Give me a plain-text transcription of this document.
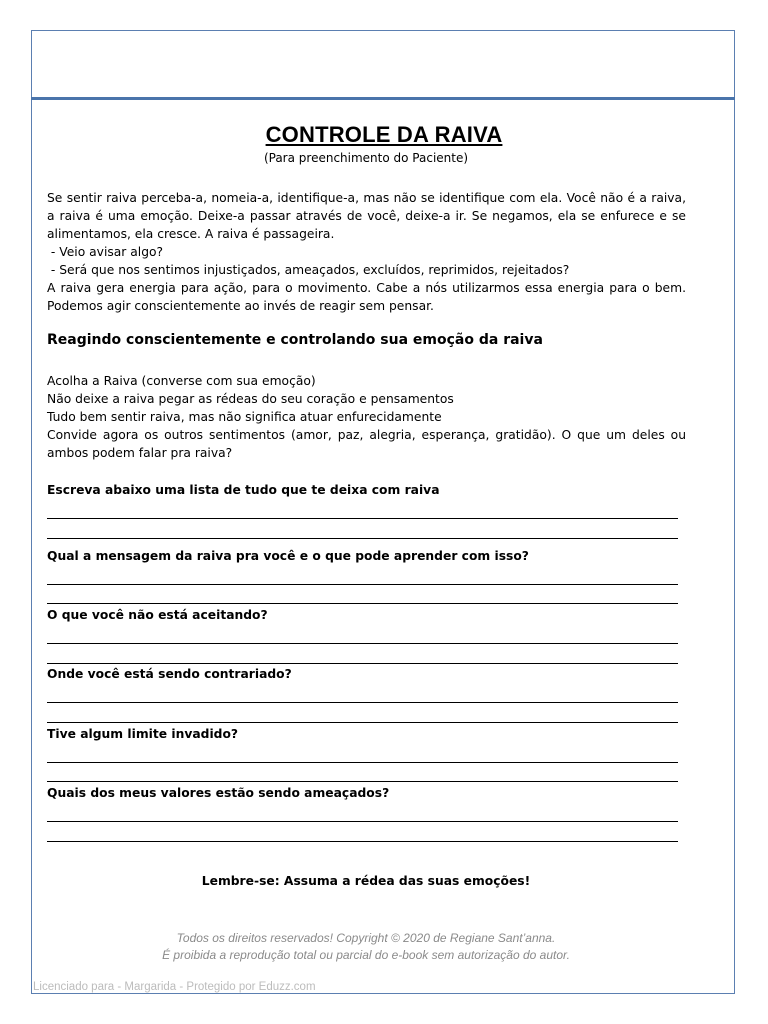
CONTROLE DA RAIVA
(Para preenchimento do Paciente)

Se sentir raiva perceba-a, nomeia-a, identifique-a, mas não se identifique com ela. Você não é a raiva, a raiva é uma emoção. Deixe-a passar através de você, deixe-a ir. Se negamos, ela se enfurece e se alimentamos, ela cresce. A raiva é passageira.

- Veio avisar algo?

- Será que nos sentimos injustiçados, ameaçados, excluídos, reprimidos, rejeitados?

A raiva gera energia para ação, para o movimento. Cabe a nós utilizarmos essa energia para o bem. Podemos agir conscientemente ao invés de reagir sem pensar.

Reagindo conscientemente e controlando sua emoção da raiva

Acolha a Raiva (converse com sua emoção)

Não deixe a raiva pegar as rédeas do seu coração e pensamentos

Tudo bem sentir raiva, mas não significa atuar enfurecidamente

Convide agora os outros sentimentos (amor, paz, alegria, esperança, gratidão). O que um deles ou ambos podem falar pra raiva?

Escreva abaixo uma lista de tudo que te deixa com raiva
Qual a mensagem da raiva pra você e o que pode aprender com isso?
O que você não está aceitando?
Onde você está sendo contrariado?
Tive algum limite invadido?
Quais dos meus valores estão sendo ameaçados?
Lembre-se: Assuma a rédea das suas emoções!
Todos os direitos reservados! Copyright © 2020 de Regiane Sant’anna.
É proibida a reprodução total ou parcial do e-book sem autorização do autor.
Licenciado para - Margarida - Protegido por Eduzz.com
